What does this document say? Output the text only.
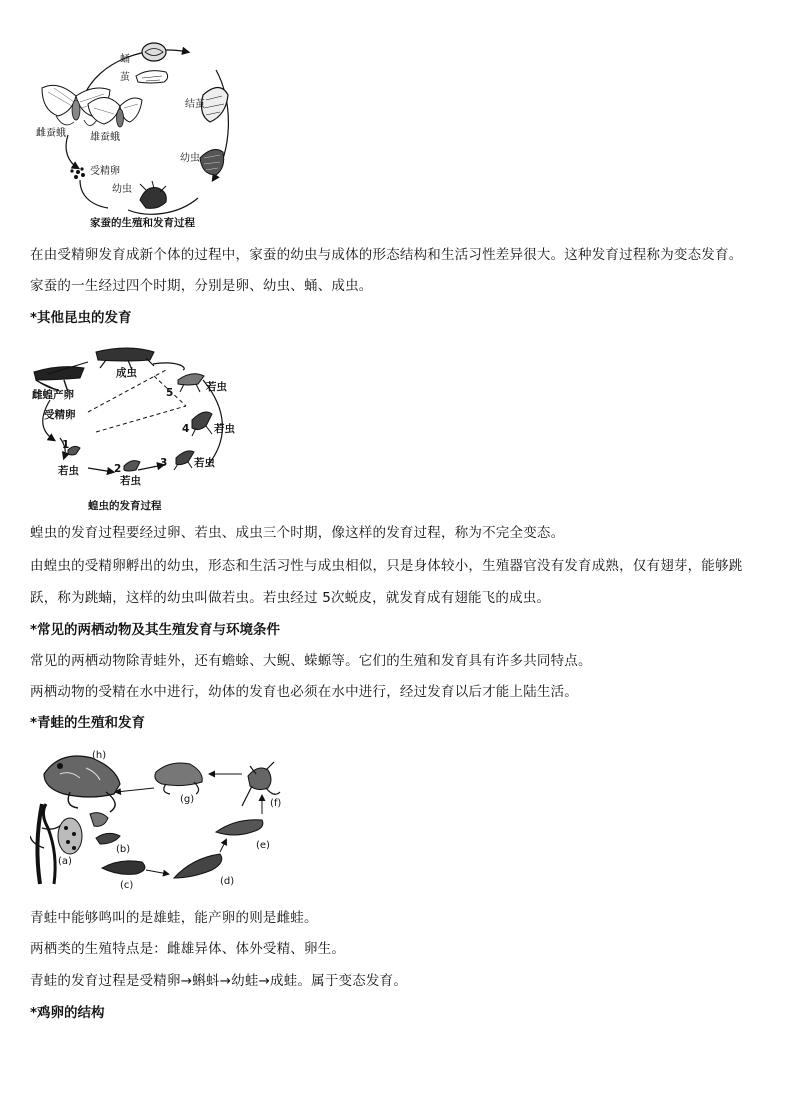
蛹
茧
结茧
雌蚕蛾 雄蚕蛾
幼虫
受精卵
幼虫
家蚕的生殖和发育过程
在由受精卵发育成新个体的过程中，家蚕的幼虫与成体的形态结构和生活习性差异很大。这种发育过程称为变态发育。
家蚕的一生经过四个时期，分别是卵、幼虫、蛹、成虫。
*其他昆虫的发育
成虫
雌蝗产卵
受精卵
5	若虫
4 若虫
1
若虫	2
若虫
3	若虫
蝗虫的发育过程
蝗虫的发育过程要经过卵、若虫、成虫三个时期，像这样的发育过程，称为不完全变态。
由蝗虫的受精卵孵出的幼虫，形态和生活习性与成虫相似，只是身体较小，生殖器官没有发育成熟，仅有翅芽，能够跳
跃，称为跳蝻，这样的幼虫叫做若虫。若虫经过 5次蜕皮，就发育成有翅能飞的成虫。
*常见的两栖动物及其生殖发育与环境条件
常见的两栖动物除青蛙外，还有蟾蜍、大鲵、蝾螈等。它们的生殖和发育具有许多共同特点。
两栖动物的受精在水中进行，幼体的发育也必须在水中进行，经过发育以后才能上陆生活。
*青蛙的生殖和发育
(h)
(g)	(f)
(e)
(d)
(c)
(b)
(a)
青蛙中能够鸣叫的是雄蛙，能产卵的则是雌蛙。
两栖类的生殖特点是：雌雄异体、体外受精、卵生。
青蛙的发育过程是受精卵→蝌蚪→幼蛙→成蛙。属于变态发育。
*鸡卵的结构
